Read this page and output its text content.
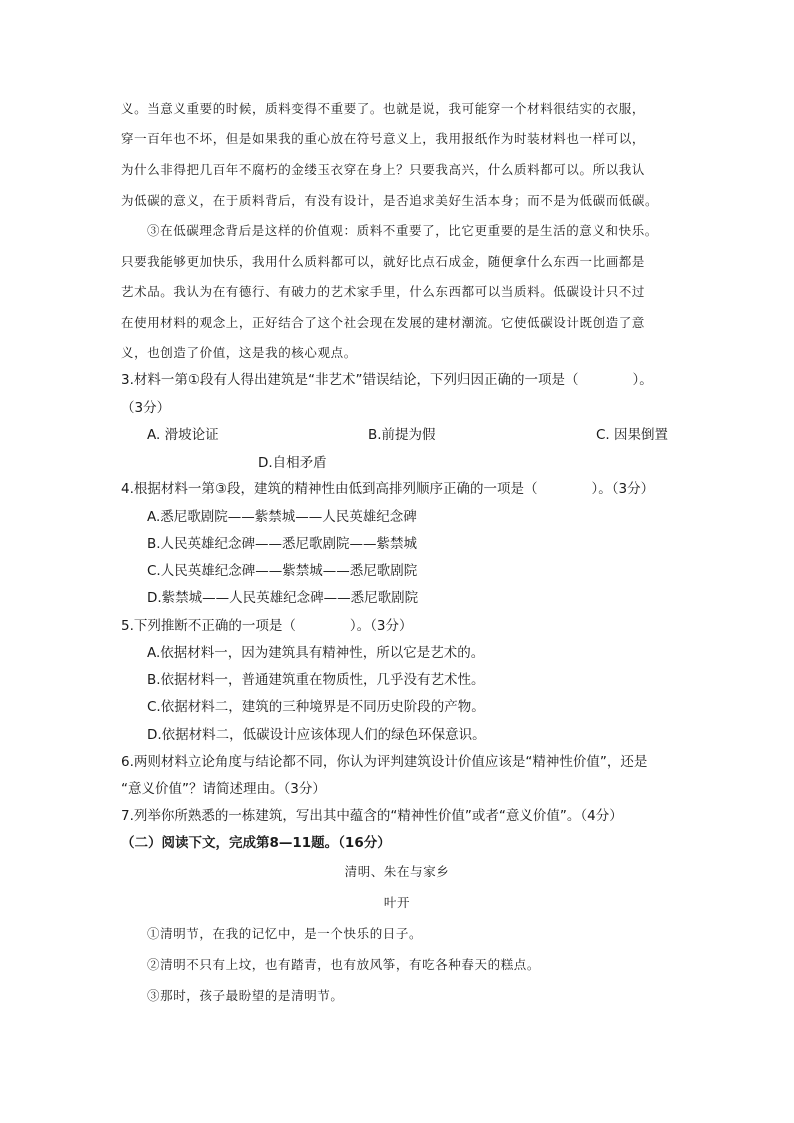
义。当意义重要的时候，质料变得不重要了。也就是说，我可能穿一个材料很结实的衣服，
穿一百年也不坏，但是如果我的重心放在符号意义上，我用报纸作为时装材料也一样可以，
为什么非得把几百年不腐朽的金缕玉衣穿在身上？只要我高兴，什么质料都可以。所以我认
为低碳的意义，在于质料背后，有没有设计，是否追求美好生活本身；而不是为低碳而低碳。
③在低碳理念背后是这样的价值观：质料不重要了，比它更重要的是生活的意义和快乐。
只要我能够更加快乐，我用什么质料都可以，就好比点石成金，随便拿什么东西一比画都是
艺术品。我认为在有德行、有破力的艺术家手里，什么东西都可以当质料。低碳设计只不过
在使用材料的观念上，正好结合了这个社会现在发展的建材潮流。它使低碳设计既创造了意
义，也创造了价值，这是我的核心观点。
3.材料一第①段有人得出建筑是“非艺术”错误结论，下列归因正确的一项是（　　　　）。
（3分）
A. 滑坡论证	B.前提为假	C. 因果倒置
D.自相矛盾
4.根据材料一第③段，建筑的精神性由低到高排列顺序正确的一项是（　　　　）。（3分）
A.悉尼歌剧院——紫禁城——人民英雄纪念碑
B.人民英雄纪念碑——悉尼歌剧院——紫禁城
C.人民英雄纪念碑——紫禁城——悉尼歌剧院
D.紫禁城——人民英雄纪念碑——悉尼歌剧院
5.下列推断不正确的一项是（　　　　）。（3分）
A.依据材料一，因为建筑具有精神性，所以它是艺术的。
B.依据材料一，普通建筑重在物质性，几乎没有艺术性。
C.依据材料二，建筑的三种境界是不同历史阶段的产物。
D.依据材料二，低碳设计应该体现人们的绿色环保意识。
6.两则材料立论角度与结论都不同，你认为评判建筑设计价值应该是“精神性价值”，还是
“意义价值”？请简述理由。（3分）
7.列举你所熟悉的一栋建筑，写出其中蕴含的“精神性价值”或者“意义价值”。（4分）
（二）阅读下文，完成第8—11题。（16分）
清明、朱在与家乡
叶开
①清明节，在我的记忆中，是一个快乐的日子。
②清明不只有上坟，也有踏青，也有放风筝，有吃各种春天的糕点。
③那时，孩子最盼望的是清明节。
